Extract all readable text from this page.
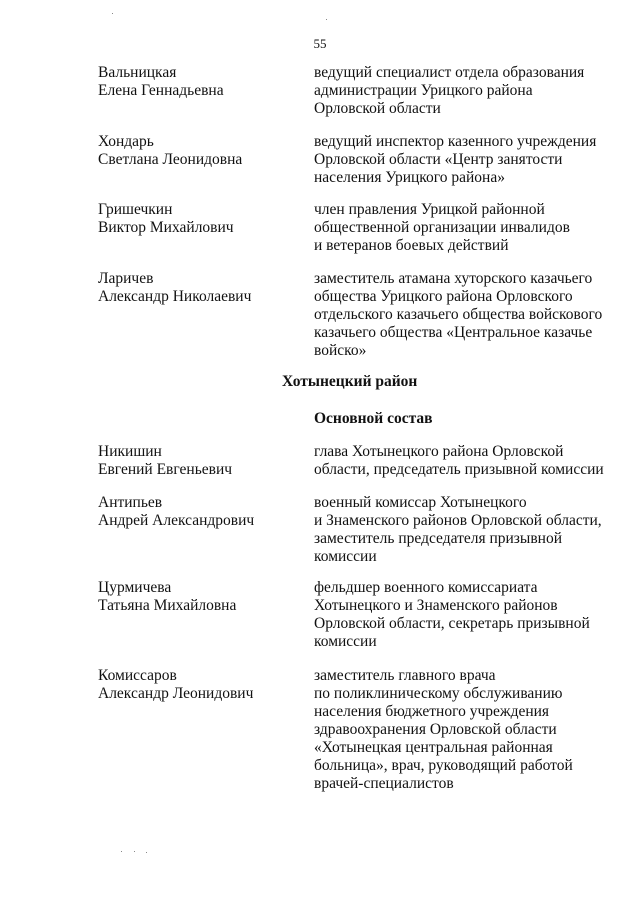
55
Вальницкая
Елена Геннадьевна
ведущий специалист отдела образования
администрации Урицкого района
Орловской области
Хондарь
Светлана Леонидовна
ведущий инспектор казенного учреждения
Орловской области «Центр занятости
населения Урицкого района»
Гришечкин
Виктор Михайлович
член правления Урицкой районной
общественной организации инвалидов
и ветеранов боевых действий
Ларичев
Александр Николаевич
заместитель атамана хуторского казачьего
общества Урицкого района Орловского
отдельского казачьего общества войскового
казачьего общества «Центральное казачье
войско»
Хотынецкий район
Основной состав
Никишин
Евгений Евгеньевич
глава Хотынецкого района Орловской
области, председатель призывной комиссии
Антипьев
Андрей Александрович
военный комиссар Хотынецкого
и Знаменского районов Орловской области,
заместитель председателя призывной
комиссии
Цурмичева
Татьяна Михайловна
фельдшер военного комиссариата
Хотынецкого и Знаменского районов
Орловской области, секретарь призывной
комиссии
Комиссаров
Александр Леонидович
заместитель главного врача
по поликлиническому обслуживанию
населения бюджетного учреждения
здравоохранения Орловской области
«Хотынецкая центральная районная
больница», врач, руководящий работой
врачей-специалистов
